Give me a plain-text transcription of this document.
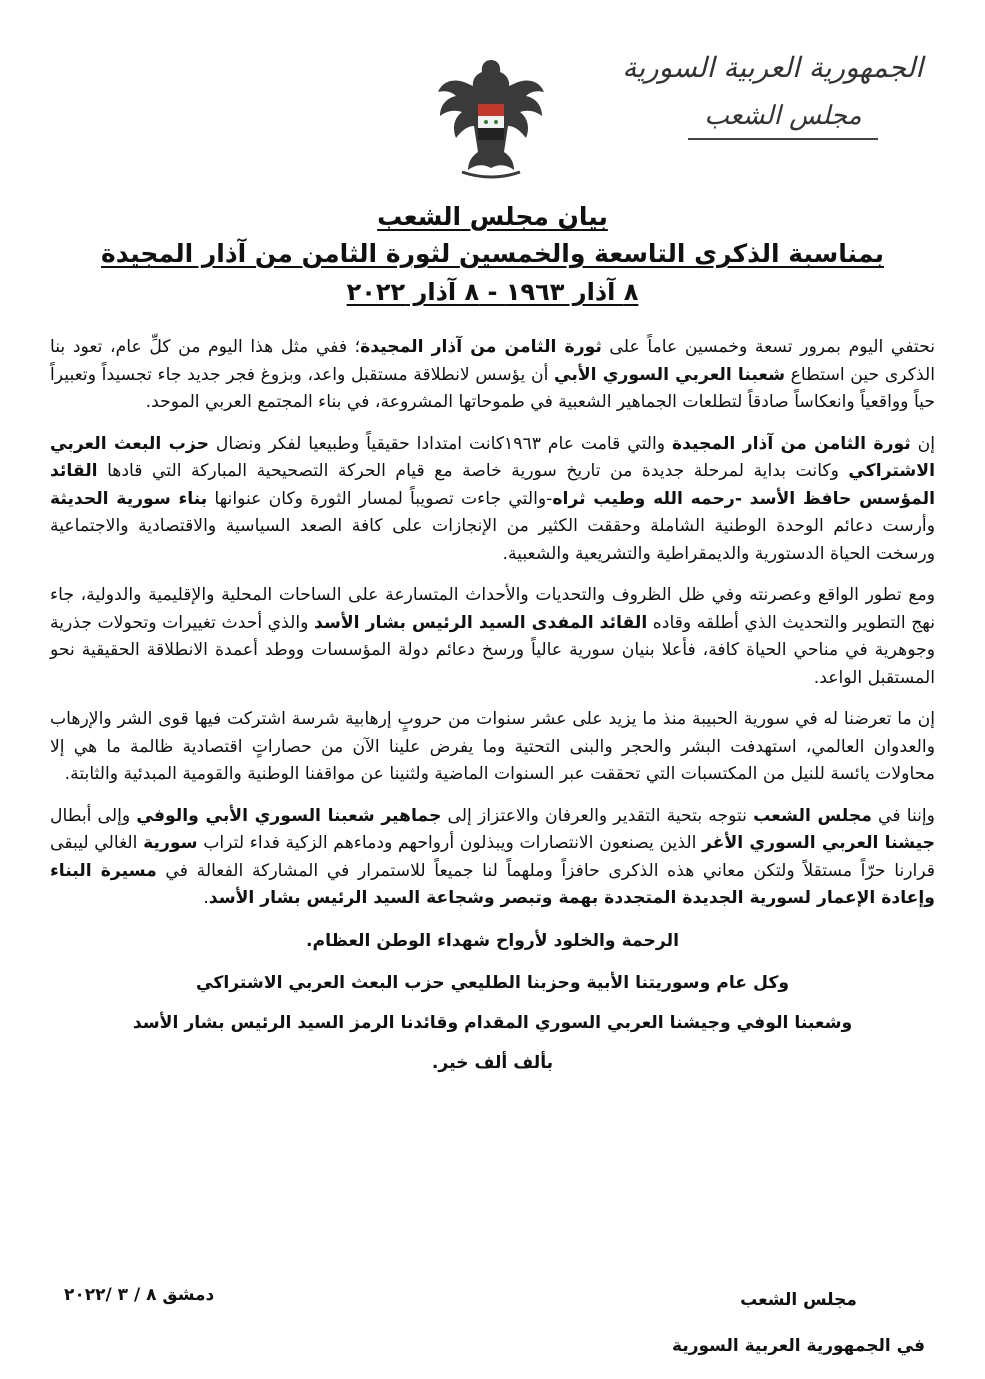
الجمهورية العربية السورية
مجلس الشعب

بيان مجلس الشعب

بمناسبة الذكرى التاسعة والخمسين لثورة الثامن من آذار المجيدة

٨ آذار ١٩٦٣ - ٨ آذار ٢٠٢٢

نحتفي اليوم بمرور تسعة وخمسين عاماً على ثورة الثامن من آذار المجيدة؛ ففي مثل هذا اليوم من كلِّ عام، تعود بنا الذكرى حين استطاع شعبنا العربي السوري الأبي أن يؤسس لانطلاقة مستقبل واعد، وبزوغ فجر جديد جاء تجسيداً وتعبيراً حياً وواقعياً وانعكاساً صادقاً لتطلعات الجماهير الشعبية في طموحاتها المشروعة، في بناء المجتمع العربي الموحد.

إن ثورة الثامن من آذار المجيدة والتي قامت عام ١٩٦٣كانت امتدادا حقيقياً وطبيعيا لفكر ونضال حزب البعث العربي الاشتراكي وكانت بداية لمرحلة جديدة من تاريخ سورية خاصة مع قيام الحركة التصحيحية المباركة التي قادها القائد المؤسس حافظ الأسد -رحمه الله وطيب ثراه-والتي جاءت تصويباً لمسار الثورة وكان عنوانها بناء سورية الحديثة وأرست دعائم الوحدة الوطنية الشاملة وحققت الكثير من الإنجازات على كافة الصعد السياسية والاقتصادية والاجتماعية ورسخت الحياة الدستورية والديمقراطية والتشريعية والشعبية.

ومع تطور الواقع وعصرنته وفي ظل الظروف والتحديات والأحداث المتسارعة على الساحات المحلية والإقليمية والدولية، جاء نهج التطوير والتحديث الذي أطلقه وقاده القائد المفدى السيد الرئيس بشار الأسد والذي أحدث تغييرات وتحولات جذرية وجوهرية في مناحي الحياة كافة، فأعلا بنيان سورية عالياً ورسخ دعائم دولة المؤسسات ووطد أعمدة الانطلاقة الحقيقية نحو المستقبل الواعد.

إن ما تعرضنا له في سورية الحبيبة منذ ما يزيد على عشر سنوات من حروبٍ إرهابية شرسة اشتركت فيها قوى الشر والإرهاب والعدوان العالمي، استهدفت البشر والحجر والبنى التحتية وما يفرض علينا الآن من حصاراتٍ اقتصادية ظالمة ما هي إلا محاولات يائسة للنيل من المكتسبات التي تحققت عبر السنوات الماضية ولثنينا عن مواقفنا الوطنية والقومية المبدئية والثابتة.

وإننا في مجلس الشعب نتوجه بتحية التقدير والعرفان والاعتزاز إلى جماهير شعبنا السوري الأبي والوفي وإلى أبطال جيشنا العربي السوري الأغر الذين يصنعون الانتصارات ويبذلون أرواحهم ودماءهم الزكية فداء لتراب سورية الغالي ليبقى قرارنا حرّاً مستقلاً ولتكن معاني هذه الذكرى حافزاً وملهماً لنا جميعاً للاستمرار في المشاركة الفعالة في مسيرة البناء وإعادة الإعمار لسورية الجديدة المتجددة بهمة وتبصر وشجاعة السيد الرئيس بشار الأسد.

الرحمة والخلود لأرواح شهداء الوطن العظام.
وكل عام وسوريتنا الأبية وحزبنا الطليعي حزب البعث العربي الاشتراكي
وشعبنا الوفي وجيشنا العربي السوري المقدام وقائدنا الرمز السيد الرئيس بشار الأسد
بألف ألف خير.
مجلس الشعب
في الجمهورية العربية السورية
دمشق ٨ / ٣ /٢٠٢٢
